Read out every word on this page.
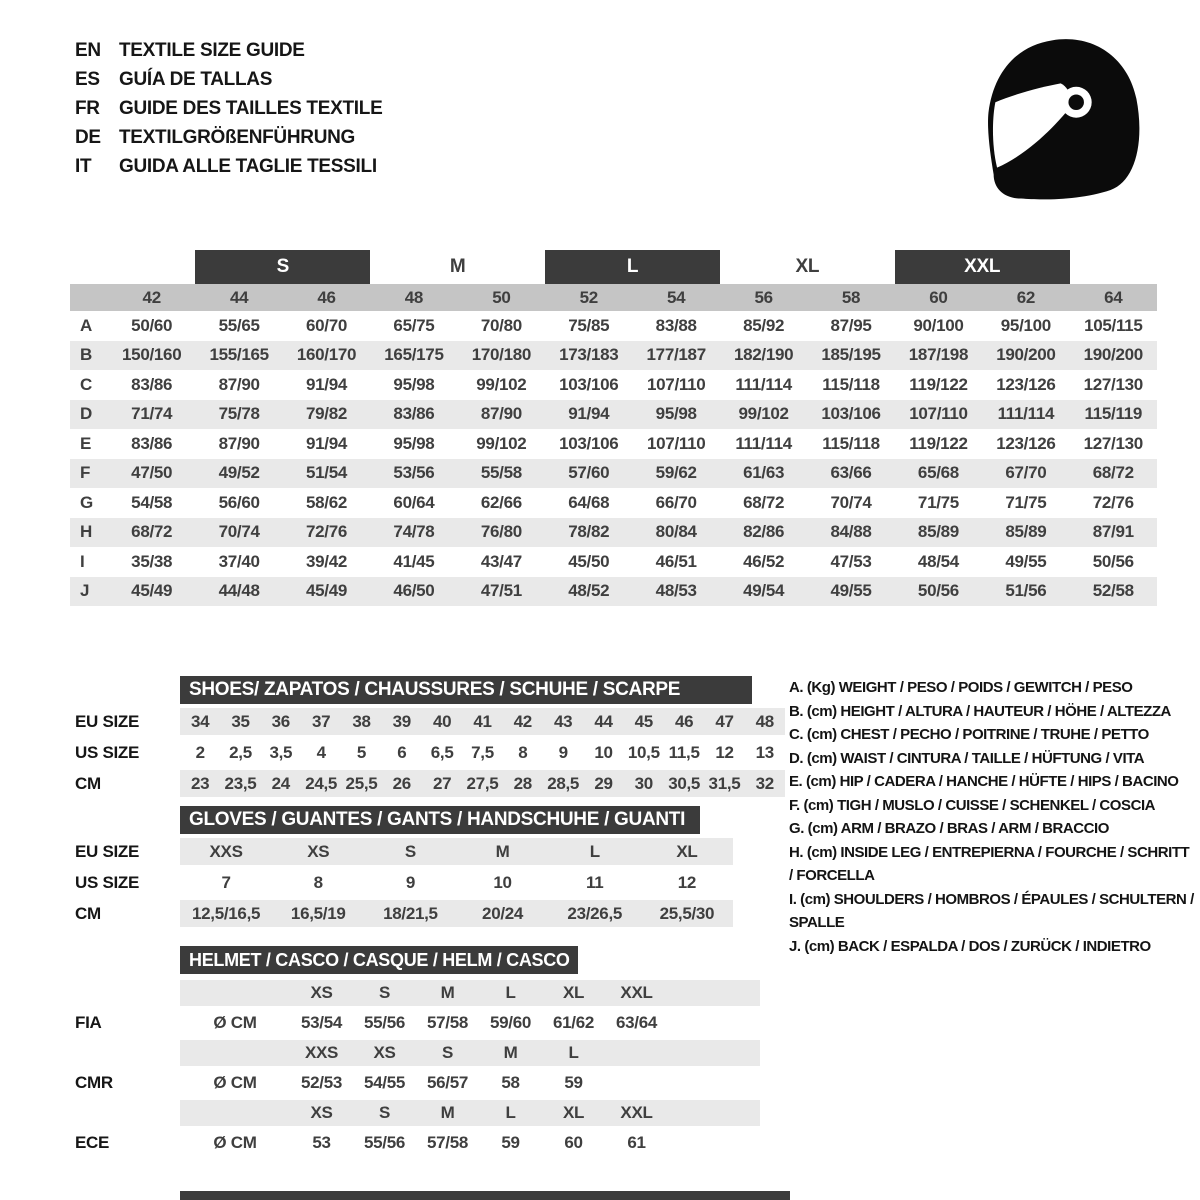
EN TEXTILE SIZE GUIDE
ES	GUÍA DE TALLAS
FR	GUIDE DES TAILLES TEXTILE
DE TEXTILGRÖßENFÜHRUNG
IT	GUIDA ALLE TAGLIE TESSILI
S	M	L	XL	XXL
42	44	46	48	50	52	54	56	58	60	62	64
A	50/60	55/65	60/70	65/75	70/80	75/85	83/88	85/92	87/95	90/100	95/100	105/115
B	150/160	155/165	160/170	165/175	170/180	173/183	177/187	182/190	185/195	187/198	190/200	190/200
C	83/86	87/90	91/94	95/98	99/102	103/106	107/110	111/114	115/118	119/122	123/126	127/130
D	71/74	75/78	79/82	83/86	87/90	91/94	95/98	99/102	103/106	107/110	111/114	115/119
E	83/86	87/90	91/94	95/98	99/102	103/106	107/110	111/114	115/118	119/122	123/126	127/130
F	47/50	49/52	51/54	53/56	55/58	57/60	59/62	61/63	63/66	65/68	67/70	68/72
G	54/58	56/60	58/62	60/64	62/66	64/68	66/70	68/72	70/74	71/75	71/75	72/76
H	68/72	70/74	72/76	74/78	76/80	78/82	80/84	82/86	84/88	85/89	85/89	87/91
I	35/38	37/40	39/42	41/45	43/47	45/50	46/51	46/52	47/53	48/54	49/55	50/56
J	45/49	44/48	45/49	46/50	47/51	48/52	48/53	49/54	49/55	50/56	51/56	52/58
SHOES/ ZAPATOS / CHAUSSURES / SCHUHE / SCARPE
EU SIZE	34	35	36	37	38	39	40	41	42	43	44	45	46	47	48
US SIZE	2	2,5	3,5	4	5	6	6,5	7,5	8	9	10 10,5 11,5 12	13
CM	23 23,5 24 24,5 25,5 26	27 27,5 28 28,5 29	30 30,5 31,5 32
GLOVES / GUANTES / GANTS / HANDSCHUHE / GUANTI
EU SIZE	XXS	XS	S	M	L	XL
US SIZE	7	8	9	10	11	12
CM	12,5/16,5	16,5/19	18/21,5	20/24	23/26,5	25,5/30
HELMET / CASCO / CASQUE / HELM / CASCO
XS	S	M	L	XL	XXL
FIA	Ø CM	53/54	55/56	57/58	59/60	61/62	63/64
XXS	XS	S	M	L
CMR	Ø CM	52/53	54/55	56/57	58	59
XS	S	M	L	XL	XXL
ECE	Ø CM	53	55/56	57/58	59	60	61
A. (Kg) WEIGHT / PESO / POIDS / GEWITCH / PESO
B. (cm) HEIGHT / ALTURA / HAUTEUR / HÖHE / ALTEZZA
C. (cm) CHEST / PECHO / POITRINE / TRUHE / PETTO
D. (cm) WAIST / CINTURA / TAILLE / HÜFTUNG / VITA
E. (cm) HIP / CADERA / HANCHE / HÜFTE / HIPS / BACINO
F. (cm) TIGH / MUSLO / CUISSE / SCHENKEL / COSCIA
G. (cm) ARM / BRAZO / BRAS / ARM / BRACCIO
H. (cm) INSIDE LEG / ENTREPIERNA / FOURCHE / SCHRITT / FORCELLA
I. (cm) SHOULDERS / HOMBROS / ÉPAULES / SCHULTERN / SPALLE
J. (cm) BACK / ESPALDA / DOS / ZURÜCK / INDIETRO
